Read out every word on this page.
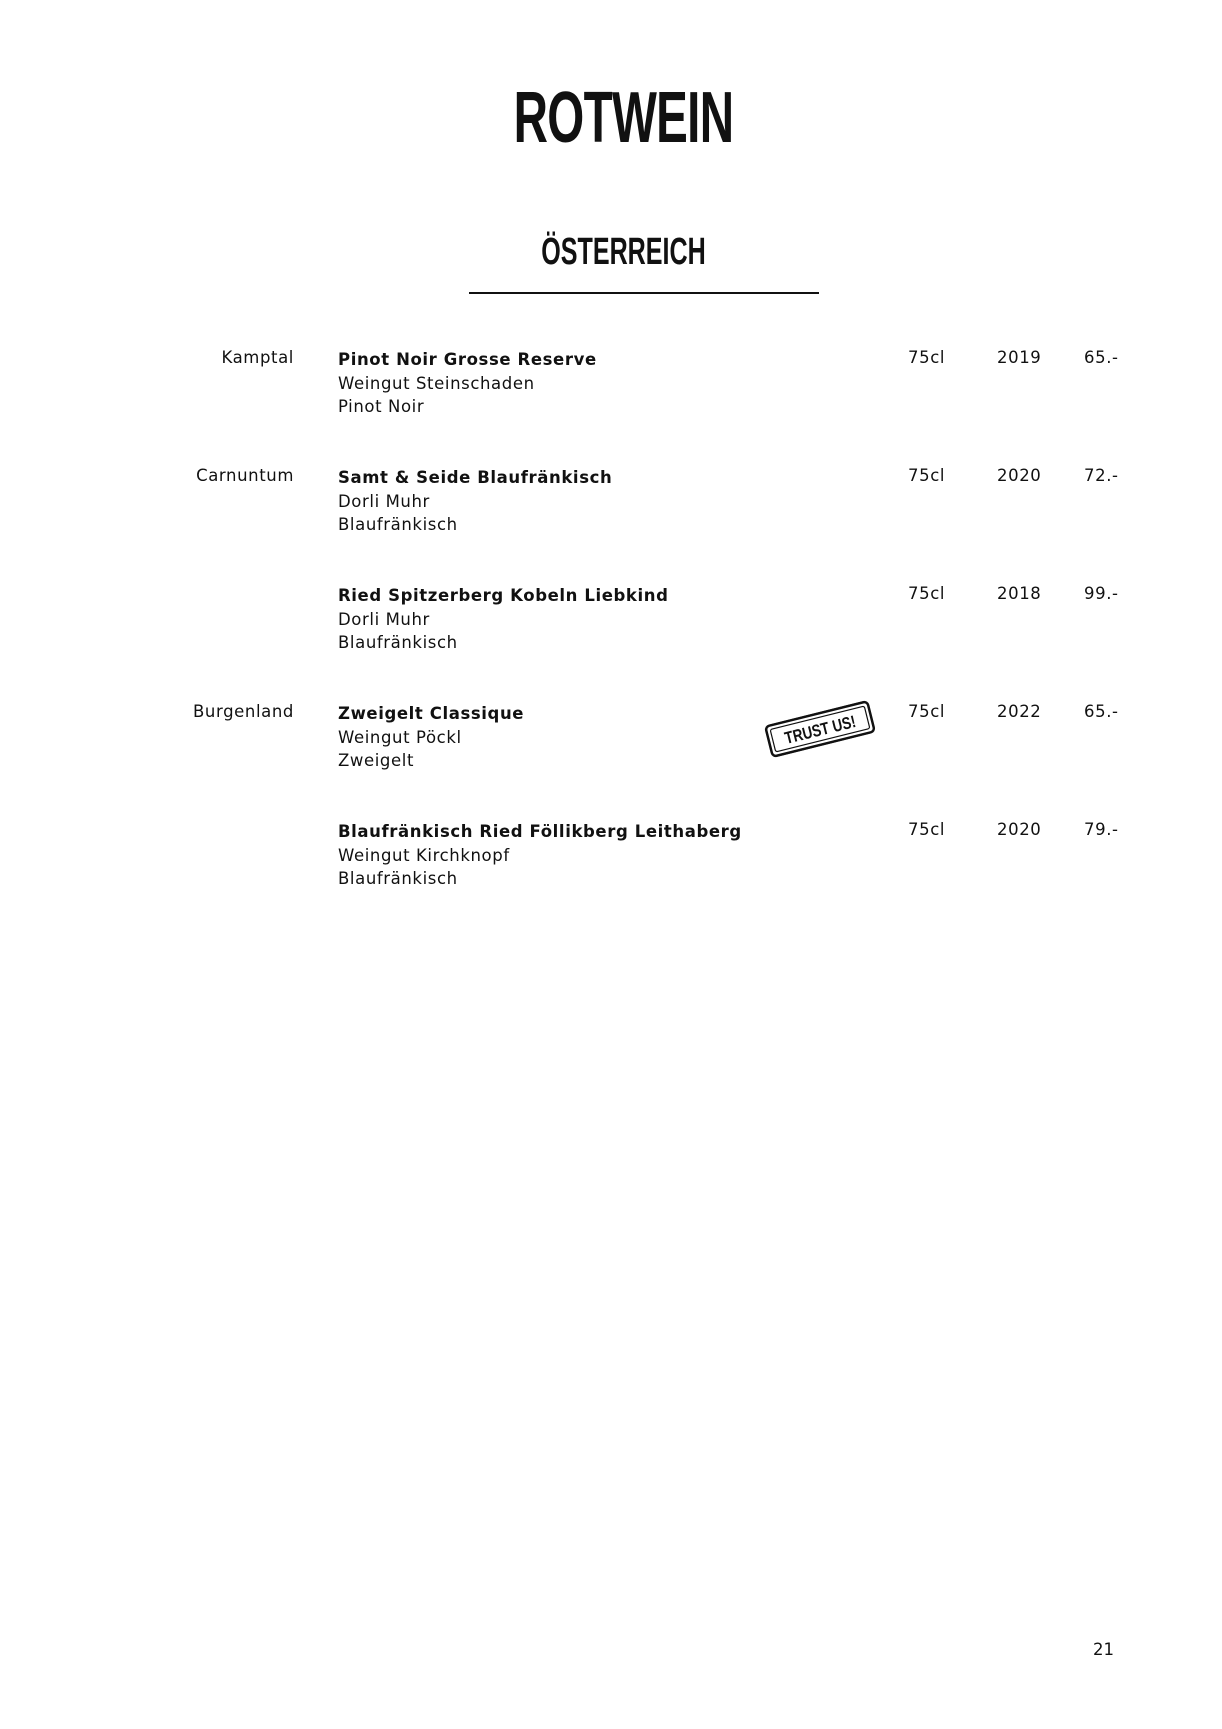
ROTWEIN
ÖSTERREICH
Kamptal	Pinot Noir Grosse Reserve
Weingut Steinschaden
Pinot Noir
75cl	2019	65.-
Carnuntum	Samt & Seide Blaufränkisch
Dorli Muhr
Blaufränkisch
75cl	2020	72.-
Ried Spitzerberg Kobeln Liebkind
Dorli Muhr
Blaufränkisch
75cl	2018	99.-
Burgenland	Zweigelt Classique
Weingut Pöckl
Zweigelt
75cl	2022	65.-
Blaufränkisch Ried Föllikberg Leithaberg
Weingut Kirchknopf
Blaufränkisch
75cl	2020	79.-
TRUST US!
21
